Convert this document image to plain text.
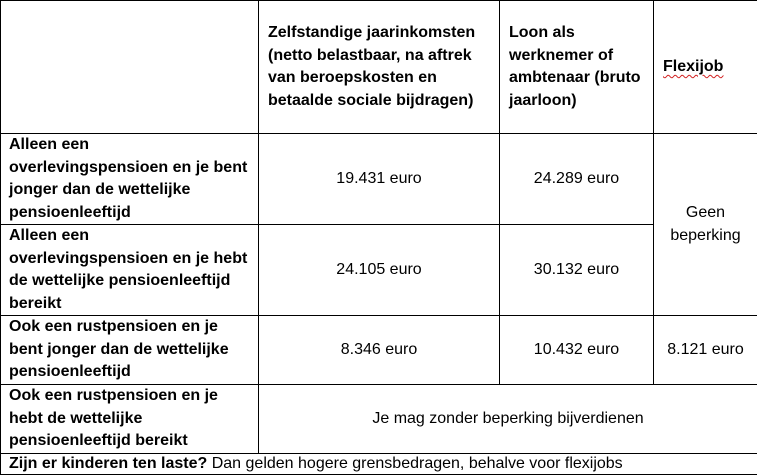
	Zelfstandige jaarinkomsten (netto belastbaar, na aftrek van beroepskosten en betaalde sociale bijdragen)	Loon als werknemer of ambtenaar (bruto jaarloon)	Flexijob
Alleen een overlevingspensioen en je bent jonger dan de wettelijke pensioenleeftijd	19.431 euro	24.289 euro	Geen beperking
Alleen een overlevingspensioen en je hebt de wettelijke pensioenleeftijd bereikt	24.105 euro	30.132 euro	
Ook een rustpensioen en je bent jonger dan de wettelijke pensioenleeftijd	8.346 euro	10.432 euro	8.121 euro
Ook een rustpensioen en je hebt de wettelijke pensioenleeftijd bereikt	Je mag zonder beperking bijverdienen		
Zijn er kinderen ten laste? Dan gelden hogere grensbedragen, behalve voor flexijobs			
